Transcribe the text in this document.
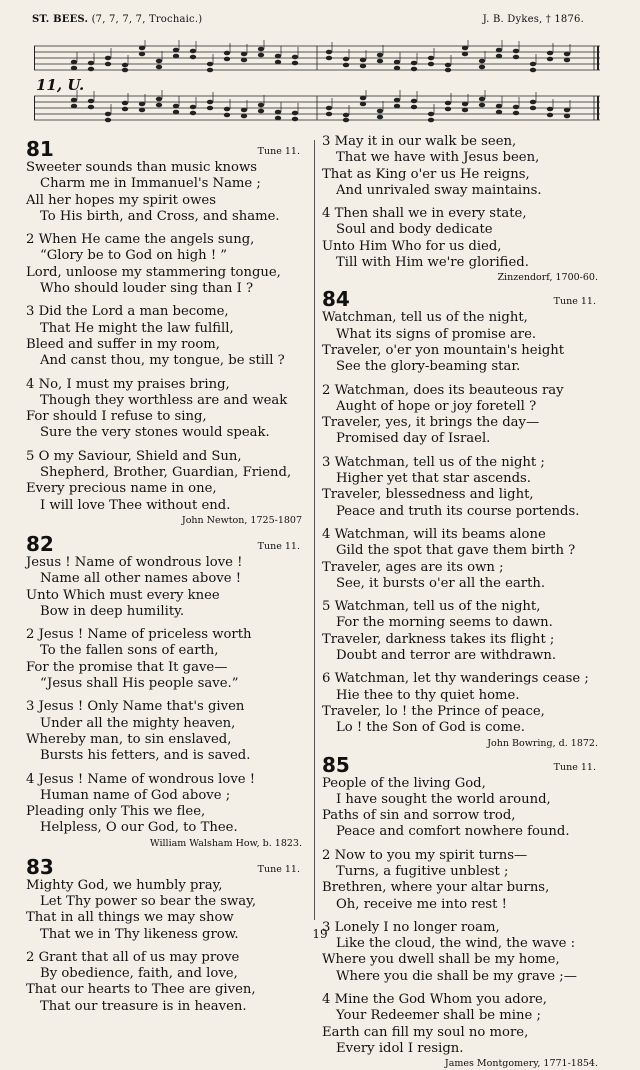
ST. BEES. (7, 7, 7, 7, Trochaic.)	J. B. Dykes, † 1876.
11, U.
81	Tune 11.
Sweeter sounds than music knows
Charm me in Immanuel's Name ;
All her hopes my spirit owes
To His birth, and Cross, and shame.
2 When He came the angels sung,
“Glory be to God on high ! ”
Lord, unloose my stammering tongue,
Who should louder sing than I ?
3 Did the Lord a man become,
That He might the law fulfill,
Bleed and suffer in my room,
And canst thou, my tongue, be still ?
4 No, I must my praises bring,
Though they worthless are and weak
For should I refuse to sing,
Sure the very stones would speak.
5 O my Saviour, Shield and Sun,
Shepherd, Brother, Guardian, Friend,
Every precious name in one,
I will love Thee without end.
John Newton, 1725-1807
82	Tune 11.
Jesus ! Name of wondrous love !
Name all other names above !
Unto Which must every knee
Bow in deep humility.
2 Jesus ! Name of priceless worth
To the fallen sons of earth,
For the promise that It gave—
“Jesus shall His people save.”
3 Jesus ! Only Name that's given
Under all the mighty heaven,
Whereby man, to sin enslaved,
Bursts his fetters, and is saved.
4 Jesus ! Name of wondrous love !
Human name of God above ;
Pleading only This we flee,
Helpless, O our God, to Thee.
William Walsham How, b. 1823.
83	Tune 11.
Mighty God, we humbly pray,
Let Thy power so bear the sway,
That in all things we may show
That we in Thy likeness grow.
2 Grant that all of us may prove
By obedience, faith, and love,
That our hearts to Thee are given,
That our treasure is in heaven.
3 May it in our walk be seen,
That we have with Jesus been,
That as King o'er us He reigns,
And unrivaled sway maintains.
4 Then shall we in every state,
Soul and body dedicate
Unto Him Who for us died,
Till with Him we're glorified.
Zinzendorf, 1700-60.
84	Tune 11.
Watchman, tell us of the night,
What its signs of promise are.
Traveler, o'er yon mountain's height
See the glory-beaming star.
2 Watchman, does its beauteous ray
Aught of hope or joy foretell ?
Traveler, yes, it brings the day—
Promised day of Israel.
3 Watchman, tell us of the night ;
Higher yet that star ascends.
Traveler, blessedness and light,
Peace and truth its course portends.
4 Watchman, will its beams alone
Gild the spot that gave them birth ?
Traveler, ages are its own ;
See, it bursts o'er all the earth.
5 Watchman, tell us of the night,
For the morning seems to dawn.
Traveler, darkness takes its flight ;
Doubt and terror are withdrawn.
6 Watchman, let thy wanderings cease ;
Hie thee to thy quiet home.
Traveler, lo ! the Prince of peace,
Lo ! the Son of God is come.
John Bowring, d. 1872.
85	Tune 11.
People of the living God,
I have sought the world around,
Paths of sin and sorrow trod,
Peace and comfort nowhere found.
2 Now to you my spirit turns—
Turns, a fugitive unblest ;
Brethren, where your altar burns,
Oh, receive me into rest !
3 Lonely I no longer roam,
Like the cloud, the wind, the wave :
Where you dwell shall be my home,
Where you die shall be my grave ;—
4 Mine the God Whom you adore,
Your Redeemer shall be mine ;
Earth can fill my soul no more,
Every idol I resign.
James Montgomery, 1771-1854.
19
